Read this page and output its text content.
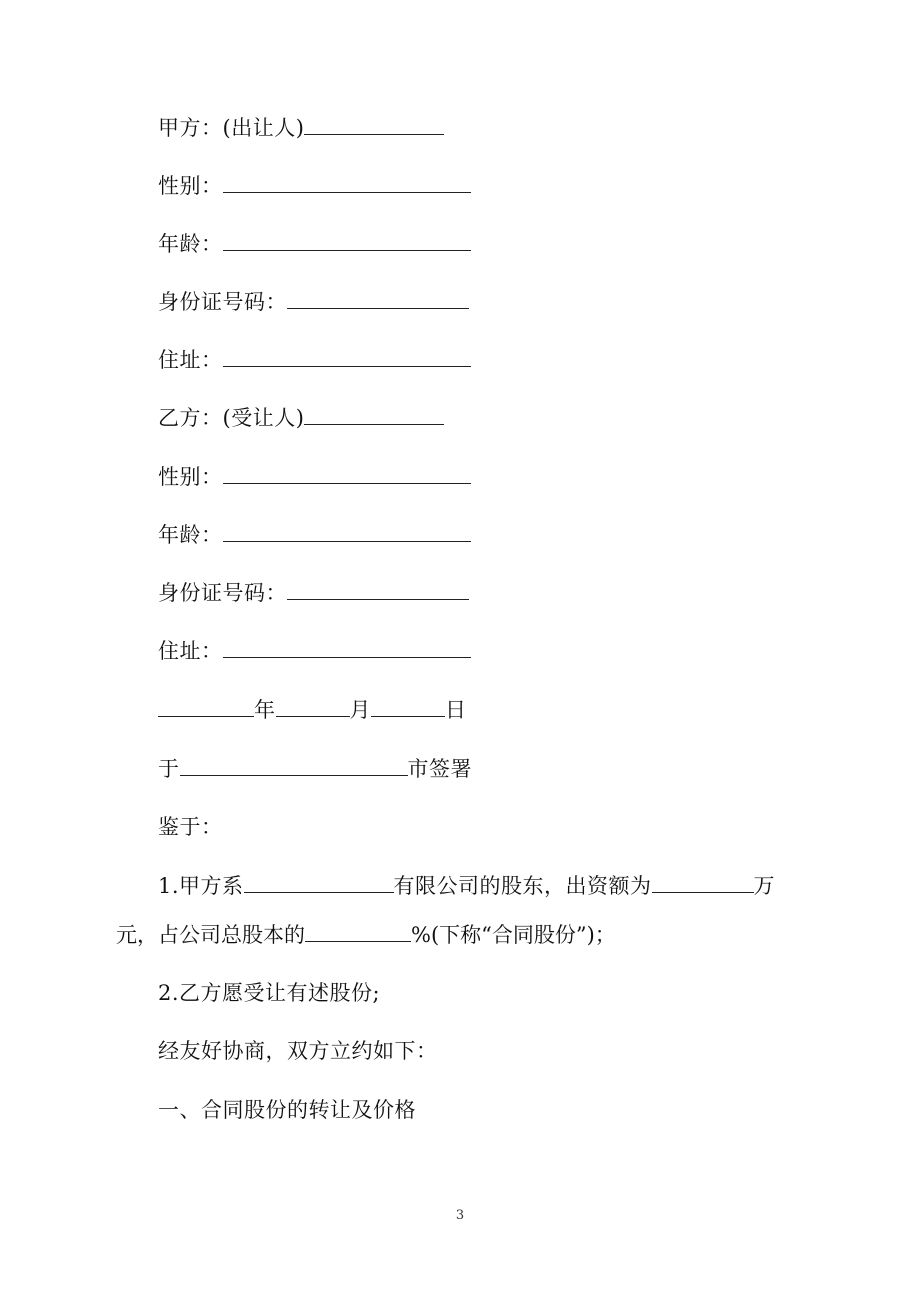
甲方：(出让人)
性别：
年龄：
身份证号码：
住址：
乙方：(受让人)
性别：
年龄：
身份证号码：
住址：
年	月	日
于	市签署
鉴于：
1.甲方系	有限公司的股东，出资额为	万
元，占公司总股本的	%(下称“合同股份”)；
2.乙方愿受让有述股份;
经友好协商，双方立约如下：
一、合同股份的转让及价格
3
